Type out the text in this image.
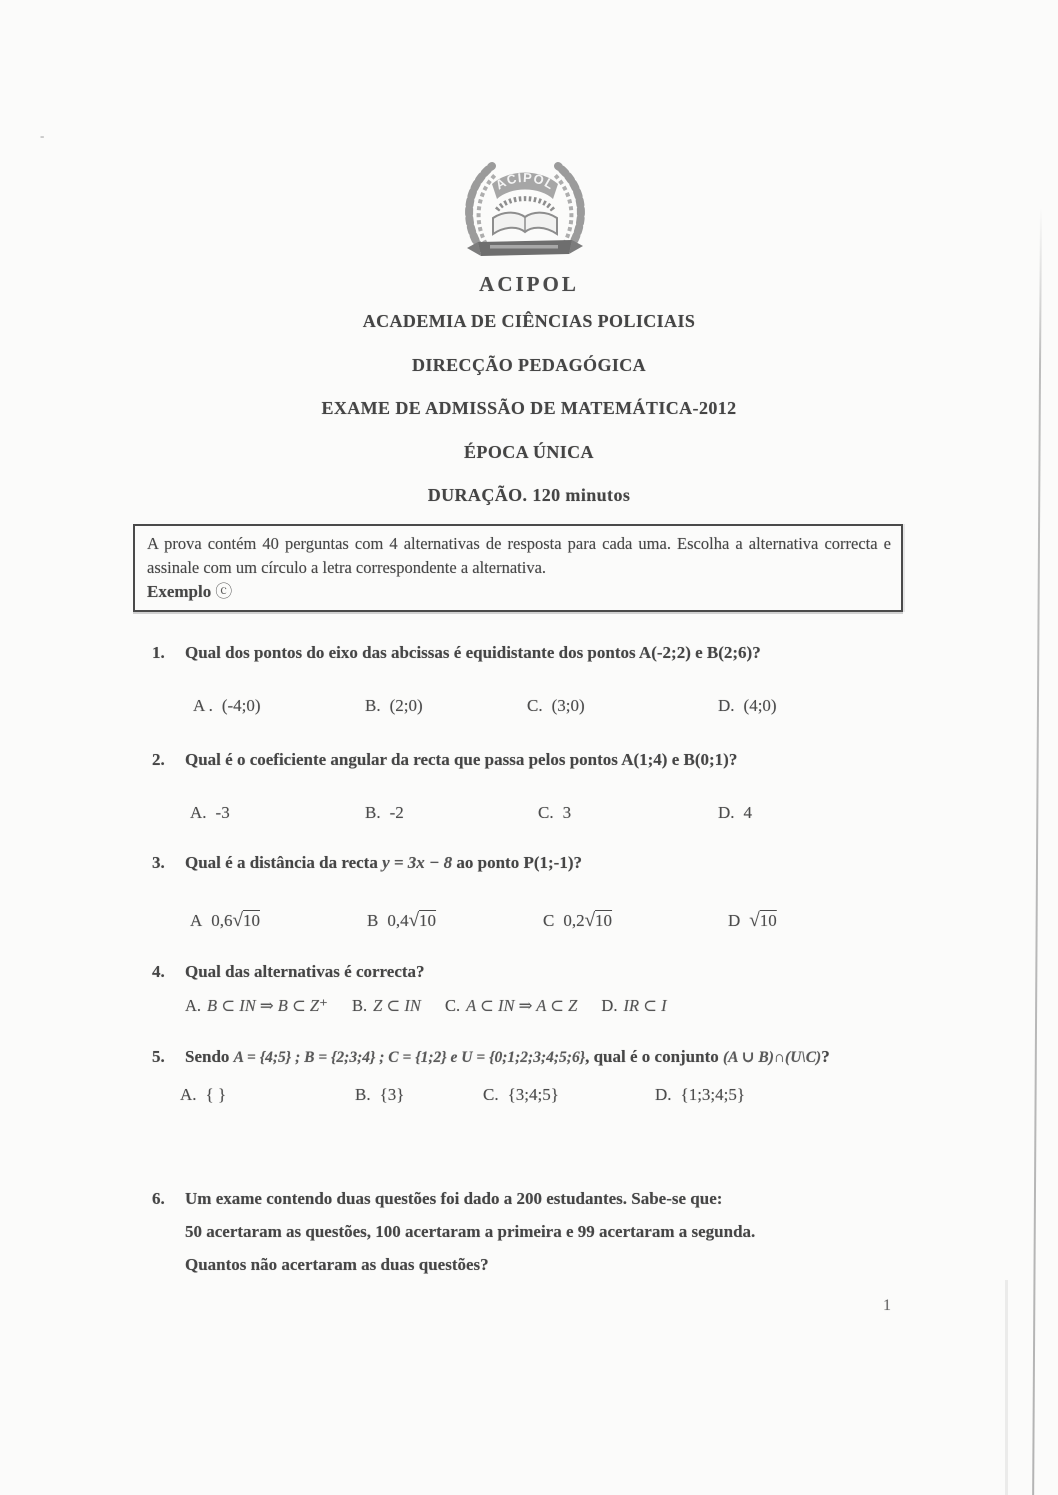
-
ACIPOL
ACIPOL
ACADEMIA DE CIÊNCIAS POLICIAIS
DIRECÇÃO PEDAGÓGICA
EXAME DE ADMISSÃO DE MATEMÁTICA-2012
ÉPOCA ÚNICA
DURAÇÃO. 120 minutos
A prova contém 40 perguntas com 4 alternativas de resposta para cada uma. Escolha a alternativa correcta e assinale com um círculo a letra correspondente a alternativa.
Exemplo ⓒ
1. Qual dos pontos do eixo das abcissas é equidistante dos pontos A(-2;2) e B(2;6)?
A . (-4;0)	B. (2;0)	C. (3;0)	D. (4;0)
2. Qual é o coeficiente angular da recta que passa pelos pontos A(1;4) e B(0;1)?
A. -3	B. -2	C. 3	D. 4
3. Qual é a distância da recta y = 3x − 8 ao ponto P(1;-1)?
A 0,6√10	B 0,4√10	C 0,2√10	D √10
4. Qual das alternativas é correcta?
A. B ⊂ IN ⇒ B ⊂ Z⁺ B. Z ⊂ IN C. A ⊂ IN ⇒ A ⊂ Z D. IR ⊂ I
5. Sendo A = {4;5} ; B = {2;3;4} ; C = {1;2} e U = {0;1;2;3;4;5;6}, qual é o conjunto (A ∪ B)∩(U\C)?
A. { }	B. {3}	C. {3;4;5}	D. {1;3;4;5}
6. Um exame contendo duas questões foi dado a 200 estudantes. Sabe-se que:
50 acertaram as questões, 100 acertaram a primeira e 99 acertaram a segunda.
Quantos não acertaram as duas questões?
1
